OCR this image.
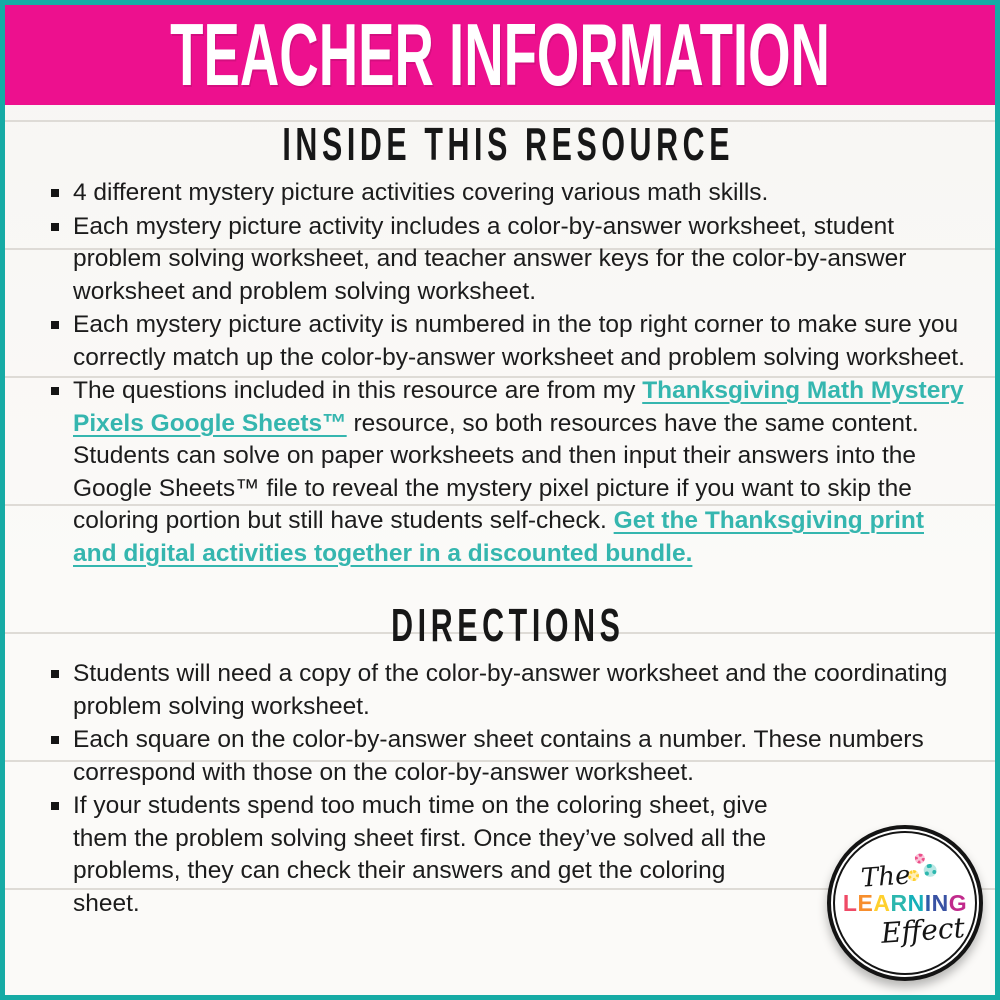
TEACHER INFORMATION
INSIDE THIS RESOURCE
4 different mystery picture activities covering various math skills.
Each mystery picture activity includes a color-by-answer worksheet, student problem solving worksheet, and teacher answer keys for the color-by-answer worksheet and problem solving worksheet.
Each mystery picture activity is numbered in the top right corner to make sure you correctly match up the color-by-answer worksheet and problem solving worksheet.
The questions included in this resource are from my Thanksgiving Math Mystery Pixels Google Sheets™ resource, so both resources have the same content. Students can solve on paper worksheets and then input their answers into the Google Sheets™ file to reveal the mystery pixel picture if you want to skip the coloring portion but still have students self-check. Get the Thanksgiving print and digital activities together in a discounted bundle.
DIRECTIONS
Students will need a copy of the color-by-answer worksheet and the coordinating problem solving worksheet.
Each square on the color-by-answer sheet contains a number. These numbers correspond with those on the color-by-answer worksheet.
If your students spend too much time on the coloring sheet, give them the problem solving sheet first. Once they’ve solved all the problems, they can check their answers and get the coloring sheet.
The
LEARNING
Effect
